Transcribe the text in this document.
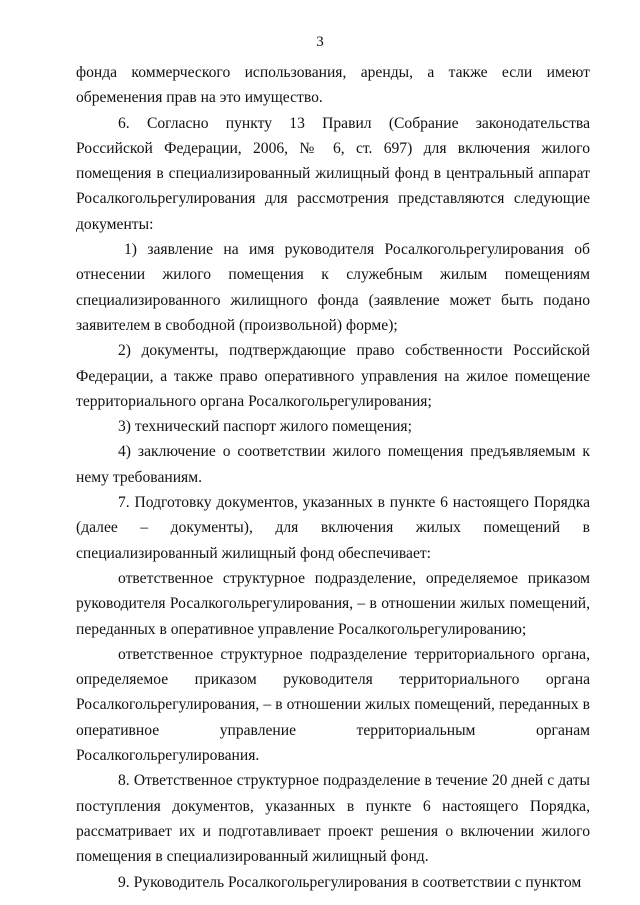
3

фонда коммерческого использования, аренды, а также если имеют обременения прав на это имущество.

6. Согласно пункту 13 Правил (Собрание законодательства Российской Федерации, 2006, № 6, ст. 697) для включения жилого помещения в специализированный жилищный фонд в центральный аппарат Росалкогольрегулирования для рассмотрения представляются следующие документы:

1) заявление на имя руководителя Росалкогольрегулирования об отнесении жилого помещения к служебным жилым помещениям специализированного жилищного фонда (заявление может быть подано заявителем в свободной (произвольной) форме);

2) документы, подтверждающие право собственности Российской Федерации, а также право оперативного управления на жилое помещение территориального органа Росалкогольрегулирования;

3) технический паспорт жилого помещения;

4) заключение о соответствии жилого помещения предъявляемым к нему требованиям.

7. Подготовку документов, указанных в пункте 6 настоящего Порядка (далее – документы), для включения жилых помещений в специализированный жилищный фонд обеспечивает:

ответственное структурное подразделение, определяемое приказом руководителя Росалкогольрегулирования, – в отношении жилых помещений, переданных в оперативное управление Росалкогольрегулированию;

ответственное структурное подразделение территориального органа, определяемое приказом руководителя территориального органа Росалкогольрегулирования, – в отношении жилых помещений, переданных в оперативное управление территориальным органам Росалкогольрегулирования.

8. Ответственное структурное подразделение в течение 20 дней с даты поступления документов, указанных в пункте 6 настоящего Порядка, рассматривает их и подготавливает проект решения о включении жилого помещения в специализированный жилищный фонд.

9. Руководитель Росалкогольрегулирования в соответствии с пунктом
